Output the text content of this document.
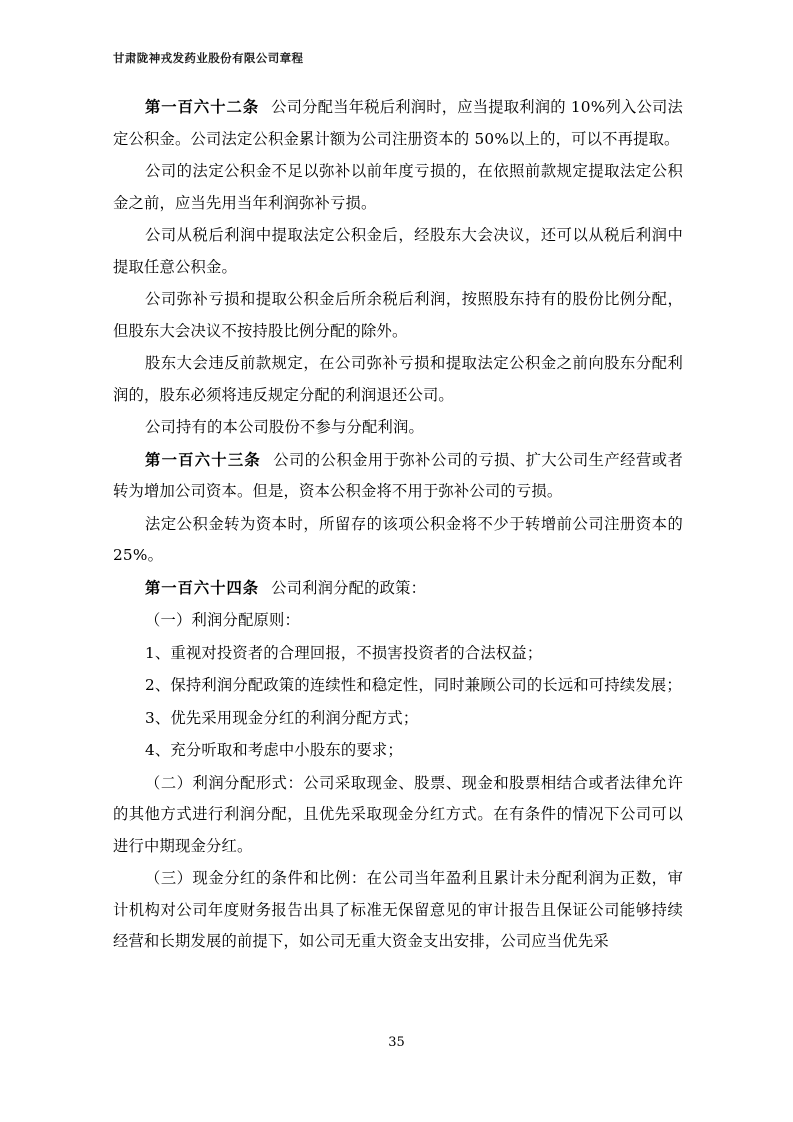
甘肃陇神戎发药业股份有限公司章程

第一百六十二条 公司分配当年税后利润时，应当提取利润的 10%列入公司法定公积金。公司法定公积金累计额为公司注册资本的 50%以上的，可以不再提取。

公司的法定公积金不足以弥补以前年度亏损的，在依照前款规定提取法定公积金之前，应当先用当年利润弥补亏损。

公司从税后利润中提取法定公积金后，经股东大会决议，还可以从税后利润中提取任意公积金。

公司弥补亏损和提取公积金后所余税后利润，按照股东持有的股份比例分配，但股东大会决议不按持股比例分配的除外。

股东大会违反前款规定，在公司弥补亏损和提取法定公积金之前向股东分配利润的，股东必须将违反规定分配的利润退还公司。

公司持有的本公司股份不参与分配利润。

第一百六十三条 公司的公积金用于弥补公司的亏损、扩大公司生产经营或者转为增加公司资本。但是，资本公积金将不用于弥补公司的亏损。

法定公积金转为资本时，所留存的该项公积金将不少于转增前公司注册资本的 25%。

第一百六十四条 公司利润分配的政策：

（一）利润分配原则：

1、重视对投资者的合理回报，不损害投资者的合法权益；

2、保持利润分配政策的连续性和稳定性，同时兼顾公司的长远和可持续发展；

3、优先采用现金分红的利润分配方式；

4、充分听取和考虑中小股东的要求；

（二）利润分配形式：公司采取现金、股票、现金和股票相结合或者法律允许的其他方式进行利润分配，且优先采取现金分红方式。在有条件的情况下公司可以进行中期现金分红。

（三）现金分红的条件和比例：在公司当年盈利且累计未分配利润为正数，审计机构对公司年度财务报告出具了标准无保留意见的审计报告且保证公司能够持续经营和长期发展的前提下，如公司无重大资金支出安排，公司应当优先采

35
